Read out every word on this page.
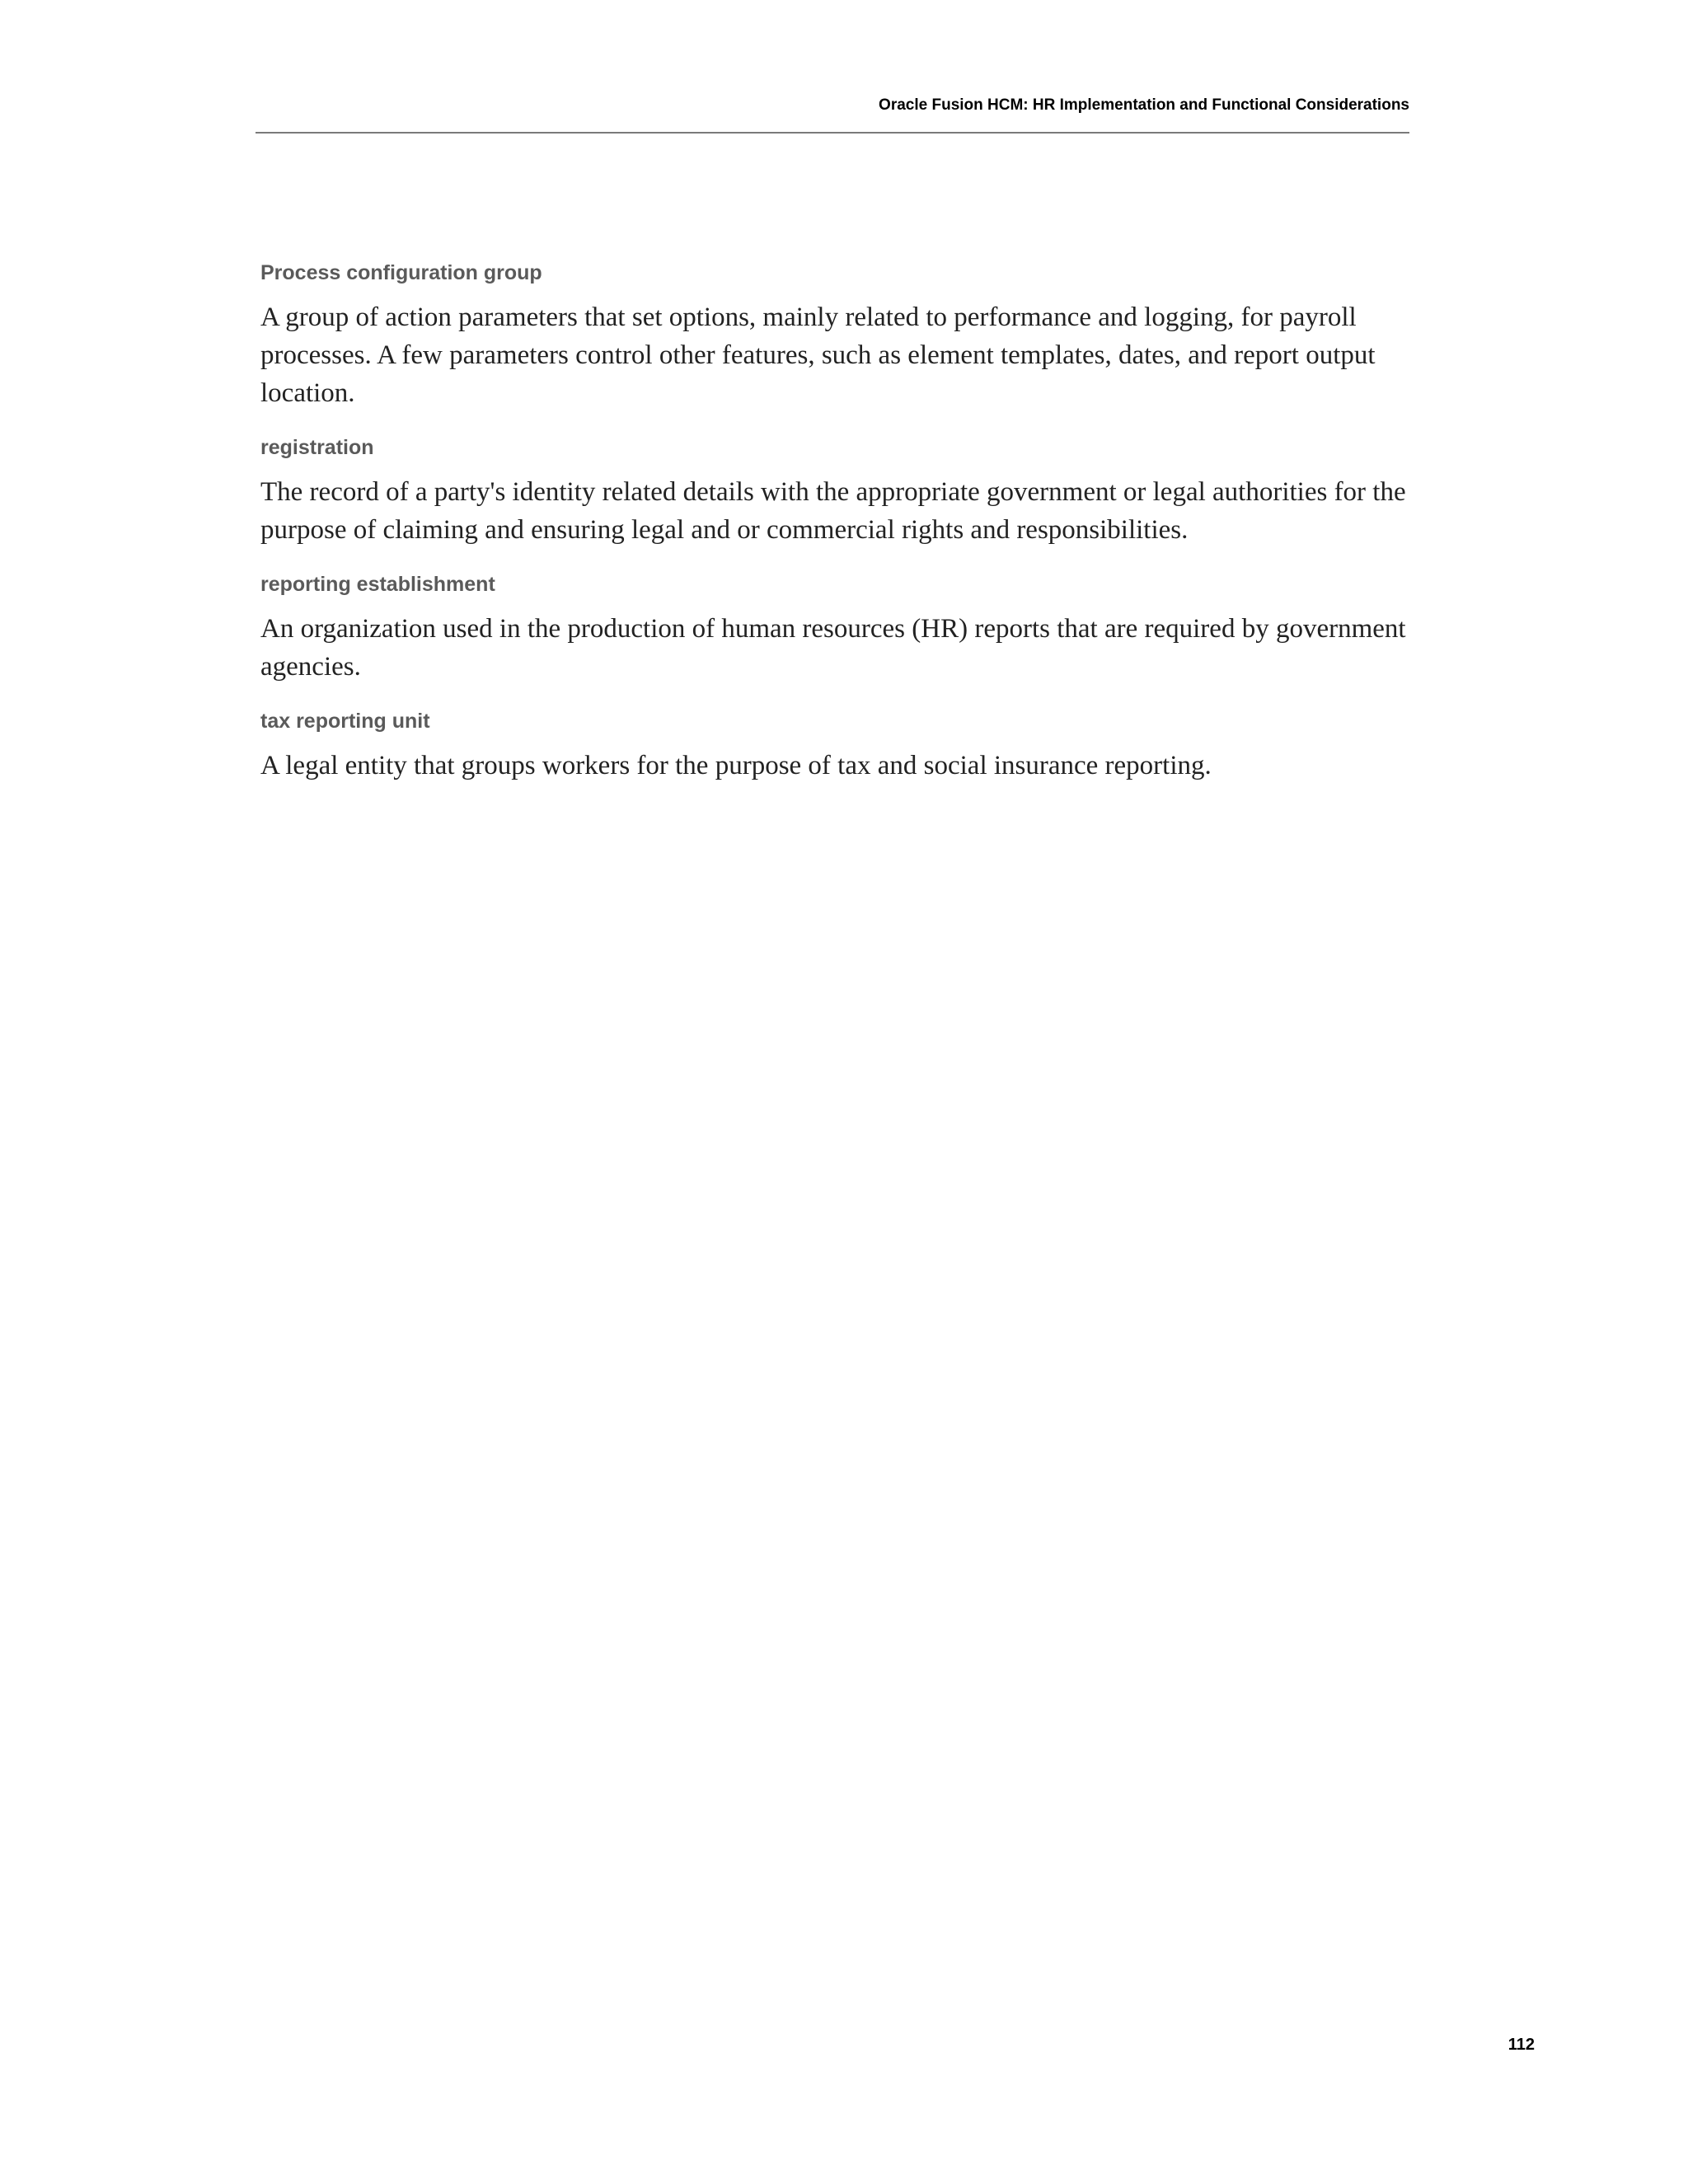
Oracle Fusion HCM: HR Implementation and Functional Considerations

Process configuration group

A group of action parameters that set options, mainly related to performance and logging, for payroll processes. A few parameters control other features, such as element templates, dates, and report output location.

registration

The record of a party's identity related details with the appropriate government or legal authorities for the purpose of claiming and ensuring legal and or commercial rights and responsibilities.

reporting establishment

An organization used in the production of human resources (HR) reports that are required by government agencies.

tax reporting unit

A legal entity that groups workers for the purpose of tax and social insurance reporting.

112
